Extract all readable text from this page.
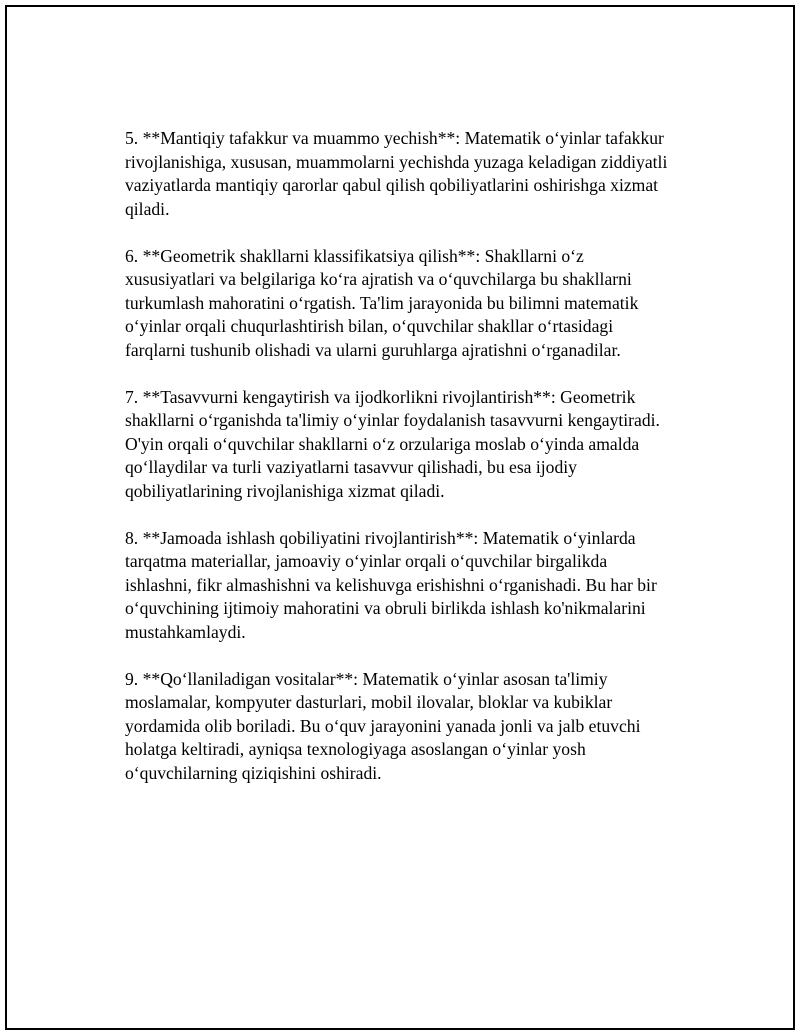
5. **Mantiqiy tafakkur va muammo yechish**: Matematik o‘yinlar tafakkur
rivojlanishiga, xususan, muammolarni yechishda yuzaga keladigan ziddiyatli
vaziyatlarda mantiqiy qarorlar qabul qilish qobiliyatlarini oshirishga xizmat
qiladi.

6. **Geometrik shakllarni klassifikatsiya qilish**: Shakllarni o‘z
xususiyatlari va belgilariga ko‘ra ajratish va o‘quvchilarga bu shakllarni
turkumlash mahoratini o‘rgatish. Ta'lim jarayonida bu bilimni matematik
o‘yinlar orqali chuqurlashtirish bilan, o‘quvchilar shakllar o‘rtasidagi
farqlarni tushunib olishadi va ularni guruhlarga ajratishni o‘rganadilar.

7. **Tasavvurni kengaytirish va ijodkorlikni rivojlantirish**: Geometrik
shakllarni o‘rganishda ta'limiy o‘yinlar foydalanish tasavvurni kengaytiradi.
O'yin orqali o‘quvchilar shakllarni o‘z orzulariga moslab o‘yinda amalda
qo‘llaydilar va turli vaziyatlarni tasavvur qilishadi, bu esa ijodiy
qobiliyatlarining rivojlanishiga xizmat qiladi.

8. **Jamoada ishlash qobiliyatini rivojlantirish**: Matematik o‘yinlarda
tarqatma materiallar, jamoaviy o‘yinlar orqali o‘quvchilar birgalikda
ishlashni, fikr almashishni va kelishuvga erishishni o‘rganishadi. Bu har bir
o‘quvchining ijtimoiy mahoratini va obruli birlikda ishlash ko'nikmalarini
mustahkamlaydi.

9. **Qo‘llaniladigan vositalar**: Matematik o‘yinlar asosan ta'limiy
moslamalar, kompyuter dasturlari, mobil ilovalar, bloklar va kubiklar
yordamida olib boriladi. Bu o‘quv jarayonini yanada jonli va jalb etuvchi
holatga keltiradi, ayniqsa texnologiyaga asoslangan o‘yinlar yosh
o‘quvchilarning qiziqishini oshiradi.
